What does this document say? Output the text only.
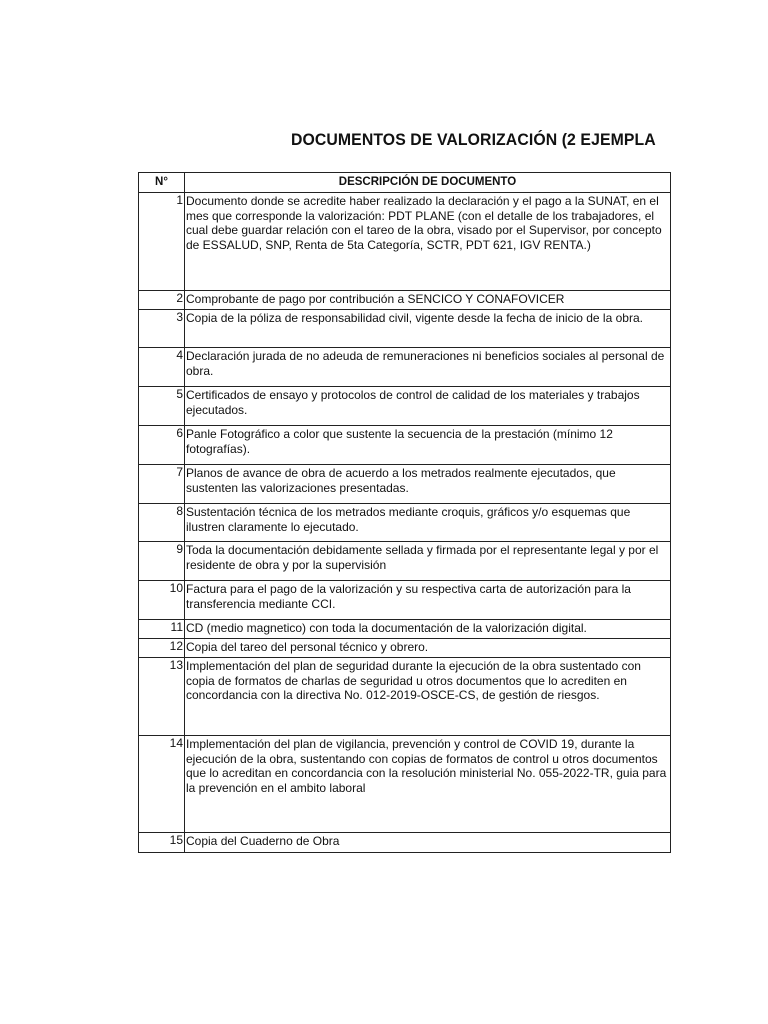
DOCUMENTOS DE VALORIZACIÓN (2 EJEMPLA
N°	DESCRIPCIÓN DE DOCUMENTO
1	Documento donde se acredite haber realizado la declaración y el pago a la SUNAT, en el mes que corresponde la valorización: PDT PLANE (con el detalle de los trabajadores, el cual debe guardar relación con el tareo de la obra, visado por el Supervisor, por concepto de ESSALUD, SNP, Renta de 5ta Categoría, SCTR, PDT 621, IGV RENTA.)
2	Comprobante de pago por contribución a SENCICO Y CONAFOVICER
3	Copia de la póliza de responsabilidad civil, vigente desde la fecha de inicio de la obra.
4	Declaración jurada de no adeuda de remuneraciones ni beneficios sociales al personal de obra.
5	Certificados de ensayo y protocolos de control de calidad de los materiales y trabajos ejecutados.
6	Panle Fotográfico a color que sustente la secuencia de la prestación (mínimo 12 fotografías).
7	Planos de avance de obra de acuerdo a los metrados realmente ejecutados, que sustenten las valorizaciones presentadas.
8	Sustentación técnica de los metrados mediante croquis, gráficos y/o esquemas que ilustren claramente lo ejecutado.
9	Toda la documentación debidamente sellada y firmada por el representante legal y por el residente de obra y por la supervisión
10	Factura para el pago de la valorización y su respectiva carta de autorización para la transferencia mediante CCI.
11	CD (medio magnetico) con toda la documentación de la valorización digital.
12	Copia del tareo del personal técnico y obrero.
13	Implementación del plan de seguridad durante la ejecución de la obra sustentado con copia de formatos de charlas de seguridad u otros documentos que lo acrediten en concordancia con la directiva No. 012-2019-OSCE-CS, de gestión de riesgos.
14	Implementación del plan de vigilancia, prevención y control de COVID 19, durante la ejecución de la obra, sustentando con copias de formatos de control u otros documentos que lo acreditan en concordancia con la resolución ministerial No. 055-2022-TR, guia para la prevención en el ambito laboral
15	Copia del Cuaderno de Obra
